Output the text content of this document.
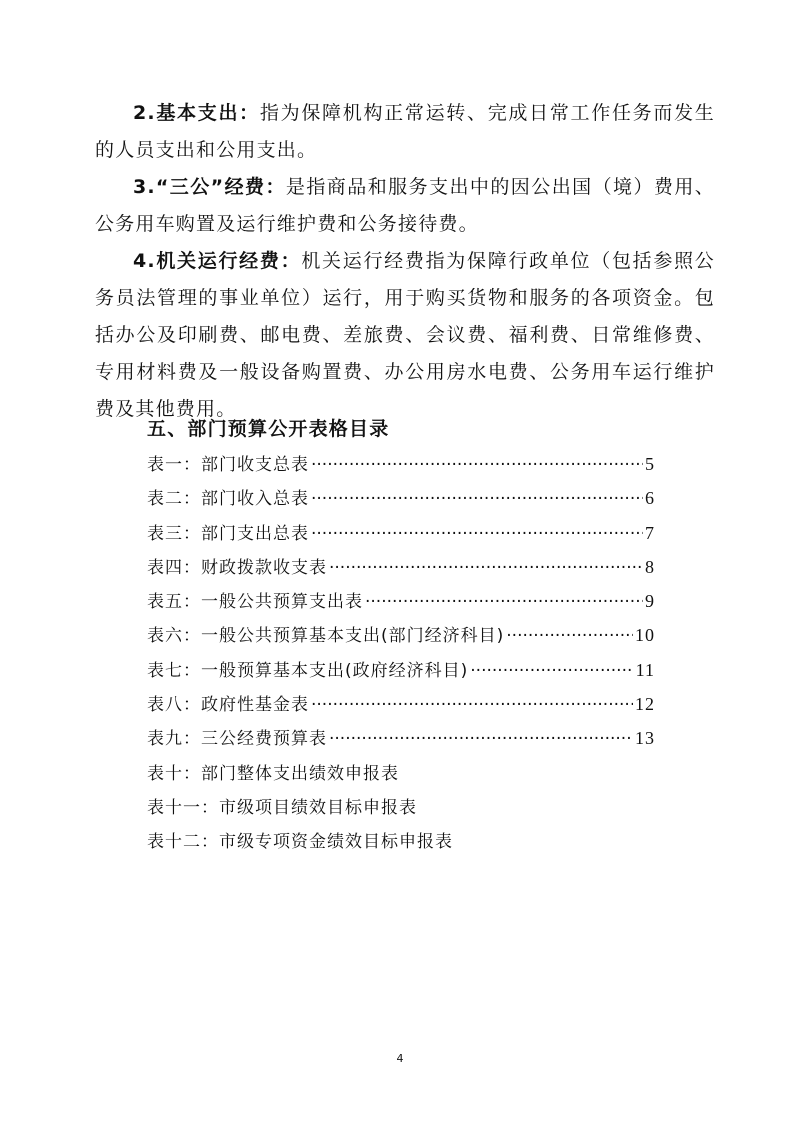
2.基本支出：指为保障机构正常运转、完成日常工作任务而发生的人员支出和公用支出。

3.“三公”经费：是指商品和服务支出中的因公出国（境）费用、公务用车购置及运行维护费和公务接待费。

4.机关运行经费：机关运行经费指为保障行政单位（包括参照公务员法管理的事业单位）运行，用于购买货物和服务的各项资金。包括办公及印刷费、邮电费、差旅费、会议费、福利费、日常维修费、专用材料费及一般设备购置费、办公用房水电费、公务用车运行维护费及其他费用。

五、部门预算公开表格目录
表一：部门收支总表 ·····	5
表二：部门收入总表 ·····	6
表三：部门支出总表 ·····	7
表四：财政拨款收支表 ·····	8
表五：一般公共预算支出表 ·····	9
表六：一般公共预算基本支出(部门经济科目) ·····	10
表七：一般预算基本支出(政府经济科目) ·····	11
表八：政府性基金表 ·····	12
表九：三公经费预算表 ·····	13
表十：部门整体支出绩效申报表
表十一：市级项目绩效目标申报表
表十二：市级专项资金绩效目标申报表
4
